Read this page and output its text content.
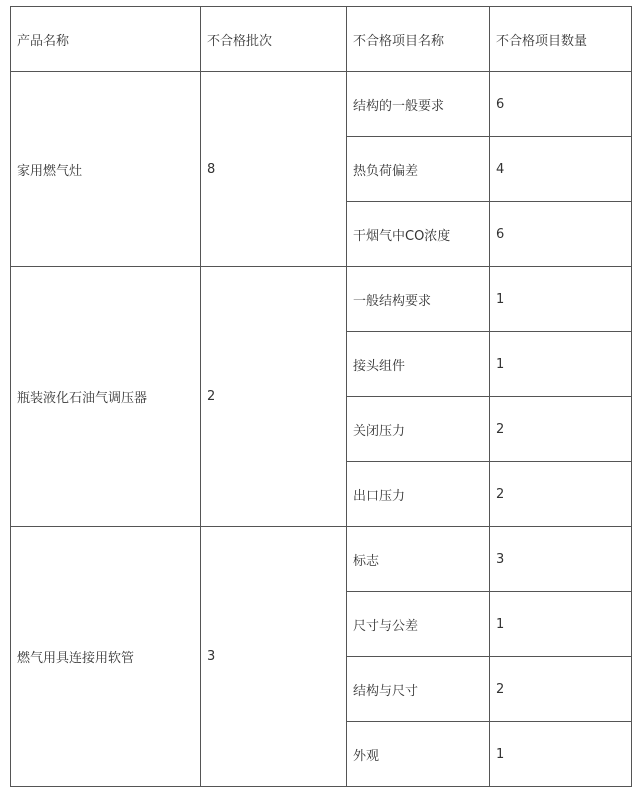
产品名称	不合格批次	不合格项目名称	不合格项目数量
家用燃气灶	8	结构的一般要求	6
		热负荷偏差	4
		干烟气中CO浓度	6
瓶装液化石油气调压器	2	一般结构要求	1
		接头组件	1
		关闭压力	2
		出口压力	2
燃气用具连接用软管	3	标志	3
		尺寸与公差	1
		结构与尺寸	2
		外观	1
